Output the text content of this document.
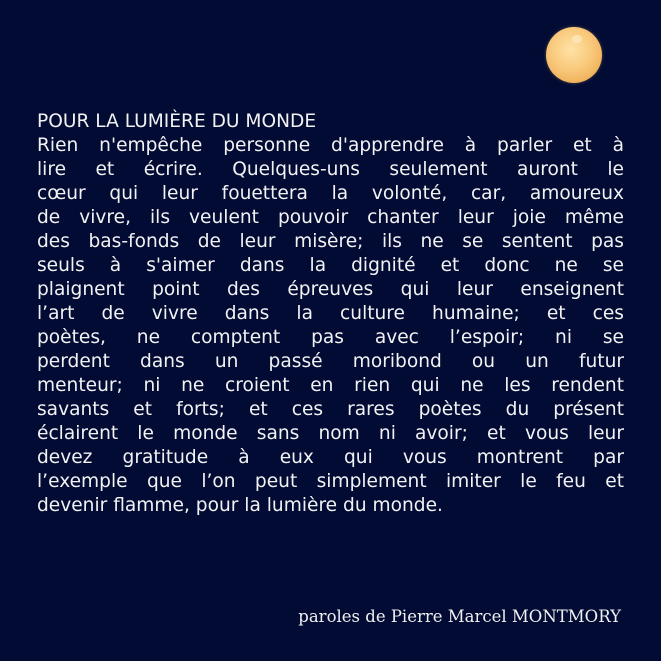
POUR LA LUMIÈRE DU MONDE
Rien n'empêche personne d'apprendre à parler et à
lire et écrire. Quelques-uns seulement auront le
cœur qui leur fouettera la volonté, car, amoureux
de vivre, ils veulent pouvoir chanter leur joie même
des bas-fonds de leur misère; ils ne se sentent pas
seuls à s'aimer dans la dignité et donc ne se
plaignent point des épreuves qui leur enseignent
l’art de vivre dans la culture humaine; et ces
poètes, ne comptent pas avec l’espoir; ni se
perdent dans un passé moribond ou un futur
menteur; ni ne croient en rien qui ne les rendent
savants et forts; et ces rares poètes du présent
éclairent le monde sans nom ni avoir; et vous leur
devez gratitude à eux qui vous montrent par
l’exemple que l’on peut simplement imiter le feu et
devenir flamme, pour la lumière du monde.
paroles de Pierre Marcel MONTMORY
